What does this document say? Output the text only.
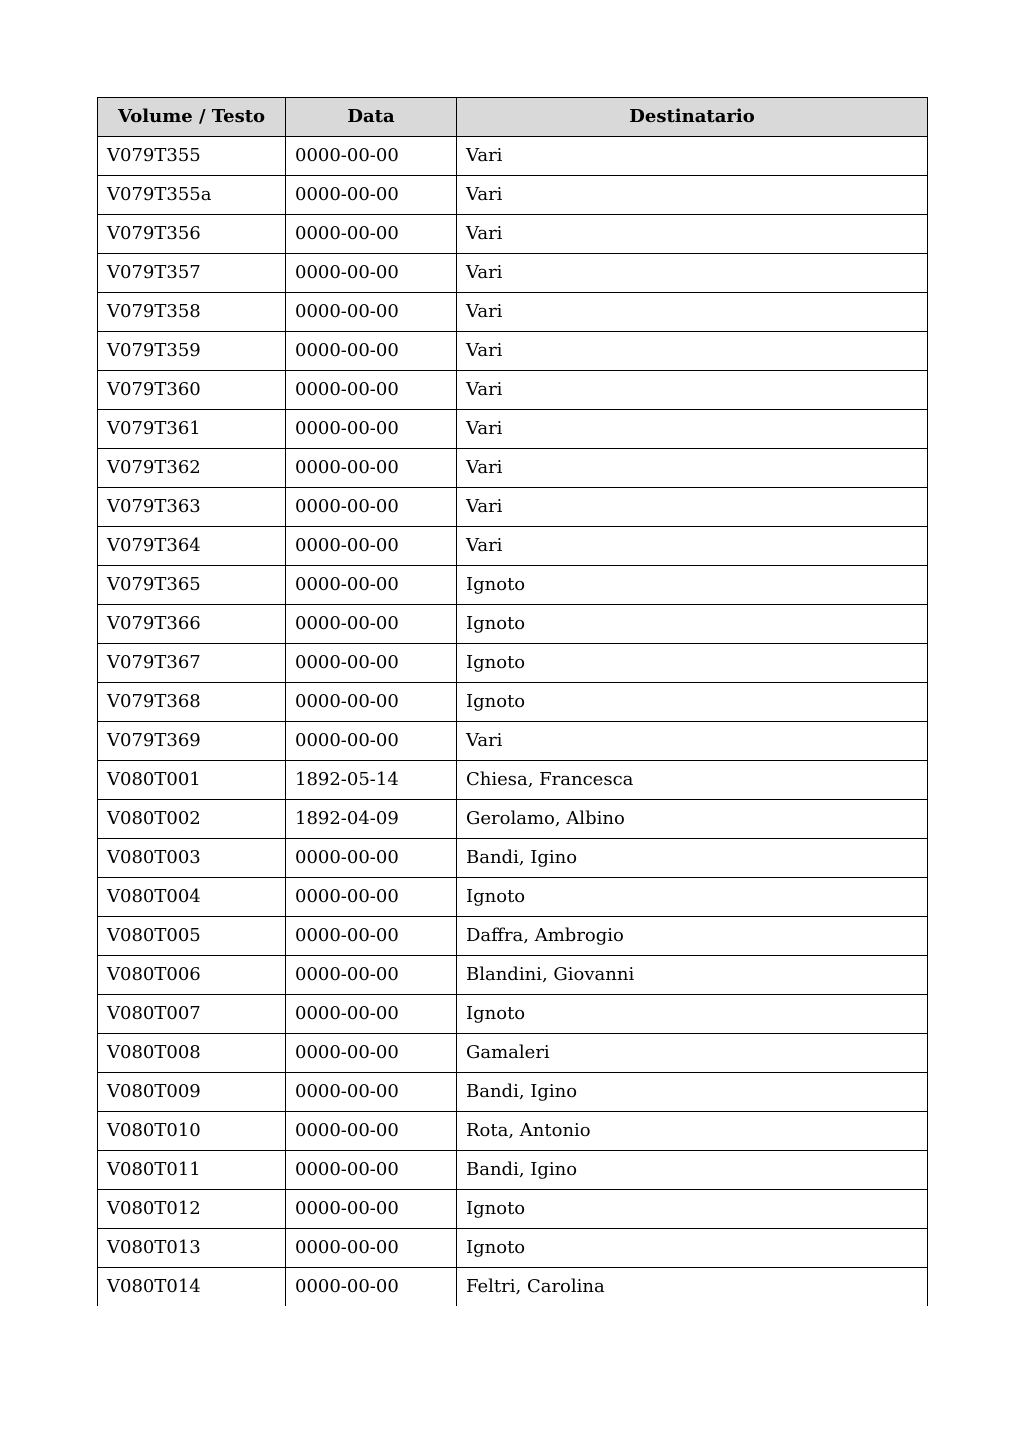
Volume / Testo	Data	Destinatario
V079T355	0000-00-00	Vari
V079T355a	0000-00-00	Vari
V079T356	0000-00-00	Vari
V079T357	0000-00-00	Vari
V079T358	0000-00-00	Vari
V079T359	0000-00-00	Vari
V079T360	0000-00-00	Vari
V079T361	0000-00-00	Vari
V079T362	0000-00-00	Vari
V079T363	0000-00-00	Vari
V079T364	0000-00-00	Vari
V079T365	0000-00-00	Ignoto
V079T366	0000-00-00	Ignoto
V079T367	0000-00-00	Ignoto
V079T368	0000-00-00	Ignoto
V079T369	0000-00-00	Vari
V080T001	1892-05-14	Chiesa, Francesca
V080T002	1892-04-09	Gerolamo, Albino
V080T003	0000-00-00	Bandi, Igino
V080T004	0000-00-00	Ignoto
V080T005	0000-00-00	Daffra, Ambrogio
V080T006	0000-00-00	Blandini, Giovanni
V080T007	0000-00-00	Ignoto
V080T008	0000-00-00	Gamaleri
V080T009	0000-00-00	Bandi, Igino
V080T010	0000-00-00	Rota, Antonio
V080T011	0000-00-00	Bandi, Igino
V080T012	0000-00-00	Ignoto
V080T013	0000-00-00	Ignoto
V080T014	0000-00-00	Feltri, Carolina
